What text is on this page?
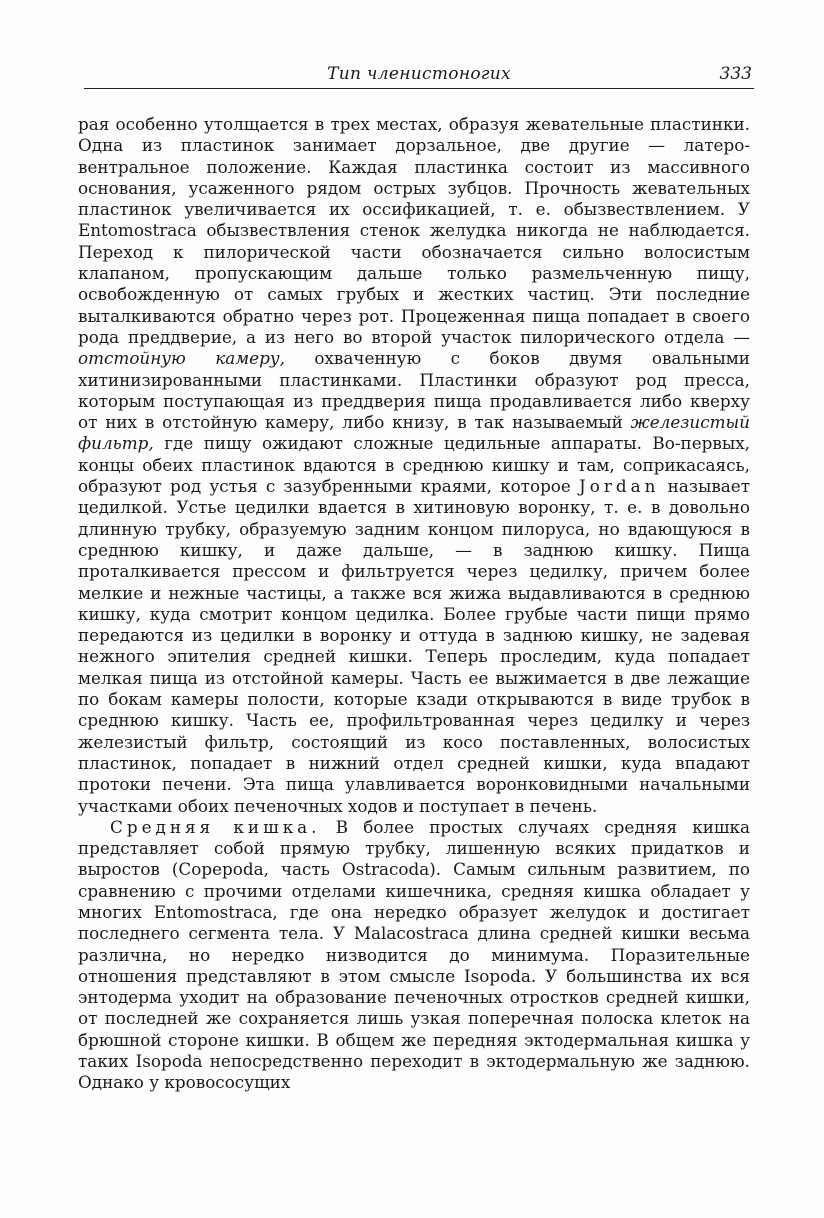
Тип членистоногих	333

рая особенно утолщается в трех местах, образуя жевательные пластинки. Одна из пластинок занимает дорзальное, две другие — латеро-вентральное положение. Каждая пластинка состоит из массивного основания, усаженного рядом острых зубцов. Прочность жевательных пластинок увеличивается их оссификацией, т. е. обызвествлением. У Entomostraca обызвествления стенок желудка никогда не наблюдается. Переход к пилорической части обозначается сильно волосистым клапаном, пропускающим дальше только размельченную пищу, освобожденную от самых грубых и жестких частиц. Эти последние выталкиваются обратно через рот. Процеженная пища попадает в своего рода преддверие, а из него во второй участок пилорического отдела — отстойную камеру, охваченную с боков двумя овальными хитинизированными пластинками. Пластинки образуют род пресса, которым поступающая из преддверия пища продавливается либо кверху от них в отстойную камеру, либо книзу, в так называемый железистый фильтр, где пищу ожидают сложные цедильные аппараты. Во-первых, концы обеих пластинок вдаются в среднюю кишку и там, соприкасаясь, образуют род устья с зазубренными краями, которое Jordan называет цедилкой. Устье цедилки вдается в хитиновую воронку, т. е. в довольно длинную трубку, образуемую задним концом пилоруса, но вдающуюся в среднюю кишку, и даже дальше, — в заднюю кишку. Пища проталкивается прессом и фильтруется через цедилку, причем более мелкие и нежные частицы, а также вся жижа выдавливаются в среднюю кишку, куда смотрит концом цедилка. Более грубые части пищи прямо передаются из цедилки в воронку и оттуда в заднюю кишку, не задевая нежного эпителия средней кишки. Теперь проследим, куда попадает мелкая пища из отстойной камеры. Часть ее выжимается в две лежащие по бокам камеры полости, которые кзади открываются в виде трубок в среднюю кишку. Часть ее, профильтрованная через цедилку и через железистый фильтр, состоящий из косо поставленных, волосистых пластинок, попадает в нижний отдел средней кишки, куда впадают протоки печени. Эта пища улавливается воронковидными начальными участками обоих печеночных ходов и поступает в печень.

Средняя кишка. В более простых случаях средняя кишка представляет собой прямую трубку, лишенную всяких придатков и выростов (Copepoda, часть Ostracoda). Самым сильным развитием, по сравнению с прочими отделами кишечника, средняя кишка обладает у многих Entomostraca, где она нередко образует желудок и достигает последнего сегмента тела. У Malacostraca длина средней кишки весьма различна, но нередко низводится до минимума. Поразительные отношения представляют в этом смысле Isopoda. У большинства их вся энтодерма уходит на образование печеночных отростков средней кишки, от последней же сохраняется лишь узкая поперечная полоска клеток на брюшной стороне кишки. В общем же передняя эктодермальная кишка у таких Isopoda непосредственно переходит в эктодермальную же заднюю. Однако у кровососущих
